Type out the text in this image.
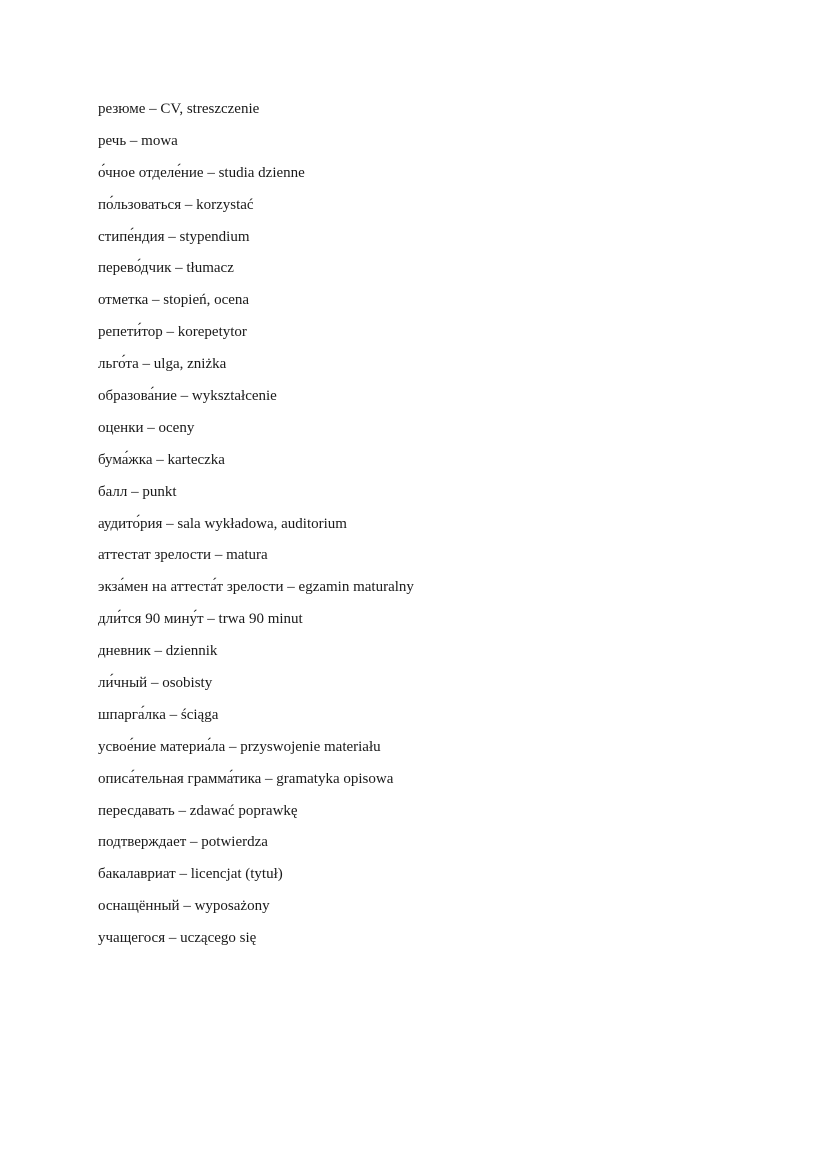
резюме – CV, streszczenie
речь – mowa
о́чное отделе́ние – studia dzienne
по́льзоваться – korzystać
стипе́ндия – stypendium
перево́дчик – tłumacz
отметка – stopień, ocena
репети́тор – korepetytor
льго́та – ulga, zniżka
образова́ние – wykształcenie
оценки – oceny
бума́жка – karteczka
балл – punkt
аудито́рия – sala wykładowa, auditorium
аттестат зрелости – matura
экза́мен на аттеста́т зрелости – egzamin maturalny
дли́тся 90 мину́т – trwa 90 minut
дневник – dziennik
ли́чный – osobisty
шпарга́лка – ściąga
усвое́ние материа́ла – przyswojenie materiału
описа́тельная грамма́тика – gramatyka opisowa
пересдавать – zdawać poprawkę
подтверждает – potwierdza
бакалавриат – licencjat (tytuł)
оснащённый – wyposażony
учащегося – uczącego się
